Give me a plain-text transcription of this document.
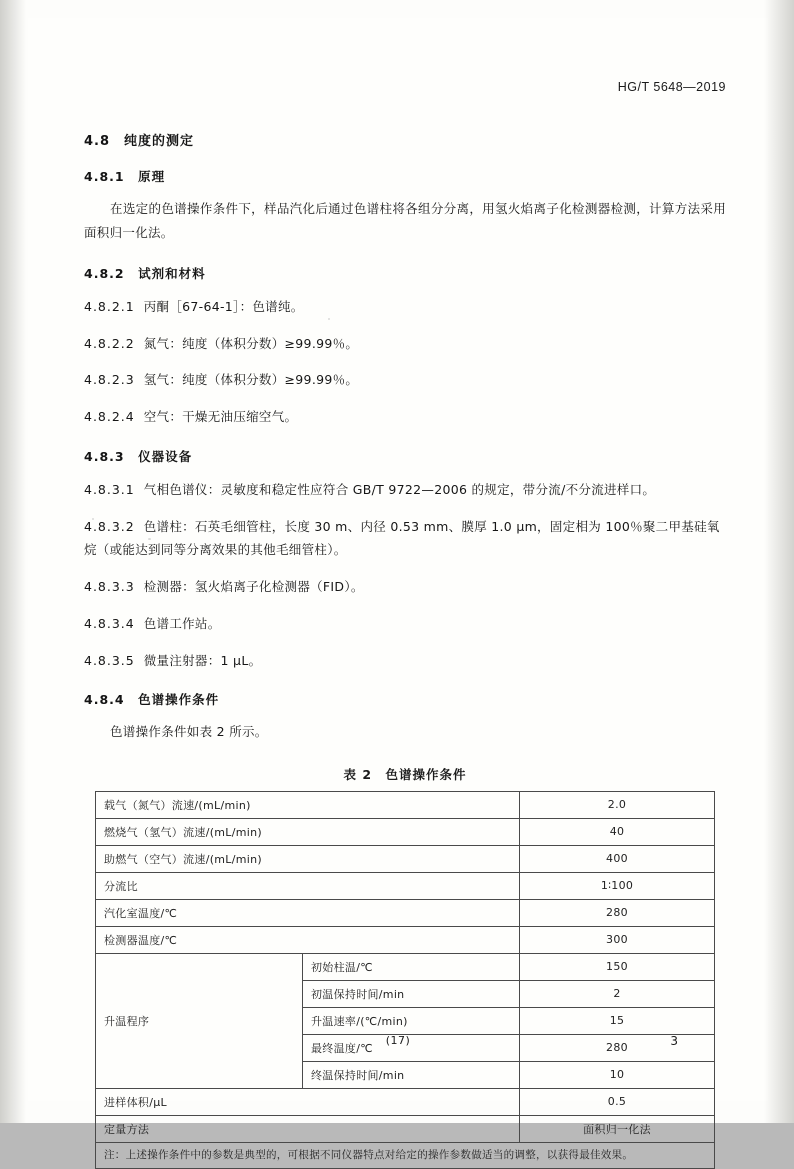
HG/T 5648—2019
4.8　纯度的测定
4.8.1　原理
在选定的色谱操作条件下，样品汽化后通过色谱柱将各组分分离，用氢火焰离子化检测器检测，计算方法采用面积归一化法。
4.8.2　试剂和材料
4.8.2.1 丙酮［67-64-1］：色谱纯。
4.8.2.2 氮气：纯度（体积分数）≥99.99％。
4.8.2.3 氢气：纯度（体积分数）≥99.99％。
4.8.2.4 空气：干燥无油压缩空气。
4.8.3　仪器设备
4.8.3.1 气相色谱仪：灵敏度和稳定性应符合 GB/T 9722—2006 的规定，带分流/不分流进样口。
4.8.3.2 色谱柱：石英毛细管柱，长度 30 m、内径 0.53 mm、膜厚 1.0 μm，固定相为 100％聚二甲基硅氧烷（或能达到同等分离效果的其他毛细管柱）。
4.8.3.3 检测器：氢火焰离子化检测器（FID）。
4.8.3.4 色谱工作站。
4.8.3.5 微量注射器：1 μL。
4.8.4　色谱操作条件
色谱操作条件如表 2 所示。
表 2　色谱操作条件
载气（氮气）流速/(mL/min)		2.0
燃烧气（氢气）流速/(mL/min)		40
助燃气（空气）流速/(mL/min)		400
分流比		1∶100
汽化室温度/℃		280
检测器温度/℃		300
升温程序	初始柱温/℃	150
	初温保持时间/min	2
	升温速率/(℃/min)	15
	最终温度/℃	280
	终温保持时间/min	10
进样体积/μL		0.5
定量方法		面积归一化法
注：上述操作条件中的参数是典型的，可根据不同仪器特点对给定的操作参数做适当的调整，以获得最佳效果。		
(17)	3
